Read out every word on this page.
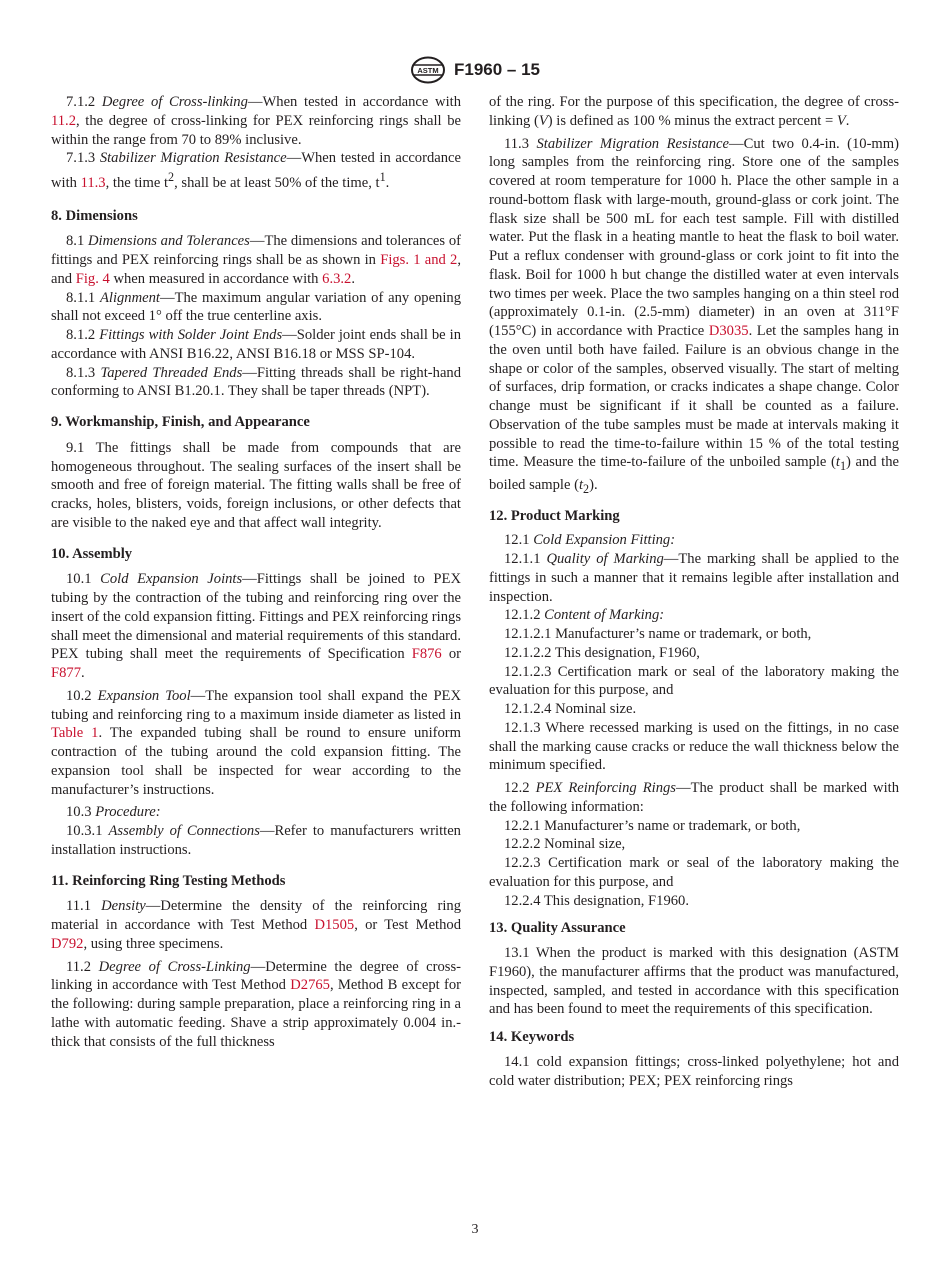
ASTM F1960 – 15

7.1.2 Degree of Cross-linking—When tested in accordance with 11.2, the degree of cross-linking for PEX reinforcing rings shall be within the range from 70 to 89% inclusive.

7.1.3 Stabilizer Migration Resistance—When tested in accordance with 11.3, the time $t^2$, shall be at least 50% of the time, $t^1$.

8. Dimensions

8.1 Dimensions and Tolerances—The dimensions and tolerances of fittings and PEX reinforcing rings shall be as shown in Figs. 1 and 2, and Fig. 4 when measured in accordance with 6.3.2.

8.1.1 Alignment—The maximum angular variation of any opening shall not exceed 1° off the true centerline axis.

8.1.2 Fittings with Solder Joint Ends—Solder joint ends shall be in accordance with ANSI B16.22, ANSI B16.18 or MSS SP-104.

8.1.3 Tapered Threaded Ends—Fitting threads shall be right-hand conforming to ANSI B1.20.1. They shall be taper threads (NPT).

9. Workmanship, Finish, and Appearance

9.1 The fittings shall be made from compounds that are homogeneous throughout. The sealing surfaces of the insert shall be smooth and free of foreign material. The fitting walls shall be free of cracks, holes, blisters, voids, foreign inclusions, or other defects that are visible to the naked eye and that affect wall integrity.

10. Assembly

10.1 Cold Expansion Joints—Fittings shall be joined to PEX tubing by the contraction of the tubing and reinforcing ring over the insert of the cold expansion fitting. Fittings and PEX reinforcing rings shall meet the dimensional and material requirements of this standard. PEX tubing shall meet the requirements of Specification F876 or F877.

10.2 Expansion Tool—The expansion tool shall expand the PEX tubing and reinforcing ring to a maximum inside diameter as listed in Table 1. The expanded tubing shall be round to ensure uniform contraction of the tubing around the cold expansion fitting. The expansion tool shall be inspected for wear according to the manufacturer’s instructions.

10.3 Procedure:

10.3.1 Assembly of Connections—Refer to manufacturers written installation instructions.

11. Reinforcing Ring Testing Methods

11.1 Density—Determine the density of the reinforcing ring material in accordance with Test Method D1505, or Test Method D792, using three specimens.

11.2 Degree of Cross-Linking—Determine the degree of cross-linking in accordance with Test Method D2765, Method B except for the following: during sample preparation, place a reinforcing ring in a lathe with automatic feeding. Shave a strip approximately 0.004 in.-thick that consists of the full thickness

of the ring. For the purpose of this specification, the degree of cross-linking (V) is defined as 100 % minus the extract percent = V.

11.3 Stabilizer Migration Resistance—Cut two 0.4-in. (10-mm) long samples from the reinforcing ring. Store one of the samples covered at room temperature for 1000 h. Place the other sample in a round-bottom flask with large-mouth, ground-glass or cork joint. The flask size shall be 500 mL for each test sample. Fill with distilled water. Put the flask in a heating mantle to heat the flask to boil water. Put a reflux condenser with ground-glass or cork joint to fit into the flask. Boil for 1000 h but change the distilled water at even intervals two times per week. Place the two samples hanging on a thin steel rod (approximately 0.1-in. (2.5-mm) diameter) in an oven at 311°F (155°C) in accordance with Practice D3035. Let the samples hang in the oven until both have failed. Failure is an obvious change in the shape or color of the samples, observed visually. The start of melting of surfaces, drip formation, or cracks indicates a shape change. Color change must be significant if it shall be counted as a failure. Observation of the tube samples must be made at intervals making it possible to read the time-to-failure within 15 % of the total testing time. Measure the time-to-failure of the unboiled sample $(t_1)$ and the boiled sample $(t_2)$.

12. Product Marking

12.1 Cold Expansion Fitting:

12.1.1 Quality of Marking—The marking shall be applied to the fittings in such a manner that it remains legible after installation and inspection.

12.1.2 Content of Marking:

12.1.2.1 Manufacturer’s name or trademark, or both,

12.1.2.2 This designation, F1960,

12.1.2.3 Certification mark or seal of the laboratory making the evaluation for this purpose, and

12.1.2.4 Nominal size.

12.1.3 Where recessed marking is used on the fittings, in no case shall the marking cause cracks or reduce the wall thickness below the minimum specified.

12.2 PEX Reinforcing Rings—The product shall be marked with the following information:

12.2.1 Manufacturer’s name or trademark, or both,

12.2.2 Nominal size,

12.2.3 Certification mark or seal of the laboratory making the evaluation for this purpose, and

12.2.4 This designation, F1960.

13. Quality Assurance

13.1 When the product is marked with this designation (ASTM F1960), the manufacturer affirms that the product was manufactured, inspected, sampled, and tested in accordance with this specification and has been found to meet the requirements of this specification.

14. Keywords

14.1 cold expansion fittings; cross-linked polyethylene; hot and cold water distribution; PEX; PEX reinforcing rings

3
